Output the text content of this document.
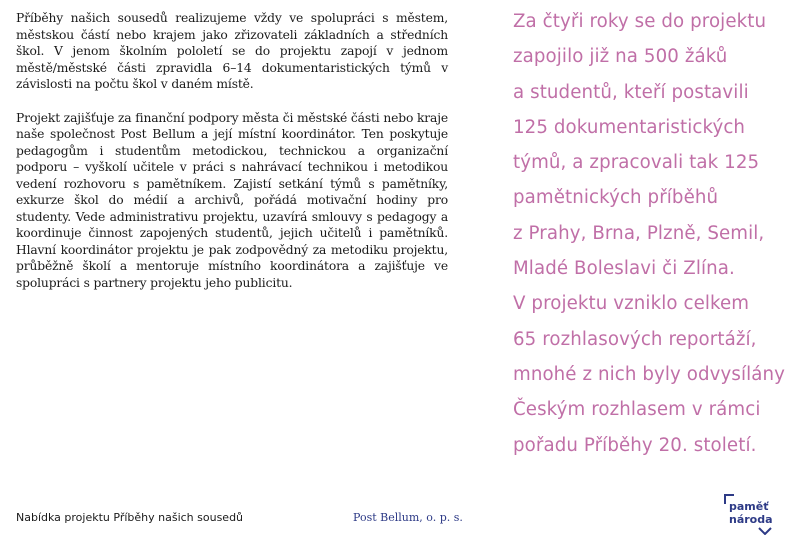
Příběhy našich sousedů realizujeme vždy ve spolupráci s městem, městskou částí nebo krajem jako zřizovateli základních a středních škol. V jenom školním pololetí se do projektu zapojí v jednom městě/městské části zpravidla 6–14 dokumentaristických týmů v závislosti na počtu škol v daném místě.

Projekt zajišťuje za finanční podpory města či městské části nebo kraje naše společnost Post Bellum a její místní koordinátor. Ten poskytuje pedagogům i studentům metodickou, technickou a organizační podporu – vyškolí učitele v práci s nahrávací technikou i metodikou vedení rozhovoru s pamětníkem. Zajistí setkání týmů s pamětníky, exkurze škol do médií a archivů, pořádá motivační hodiny pro studenty. Vede administrativu projektu, uzavírá smlouvy s pedagogy a koordinuje činnost zapojených studentů, jejich učitelů i pamětníků. Hlavní koordinátor projektu je pak zodpovědný za metodiku projektu, průběžně školí a mentoruje místního koordinátora a zajišťuje ve spolupráci s partnery projektu jeho publicitu.

Za čtyři roky se do projektu
zapojilo již na 500 žáků
a studentů, kteří postavili
125 dokumentaristických
týmů, a zpracovali tak 125
pamětnických příběhů
z Prahy, Brna, Plzně, Semil,
Mladé Boleslavi či Zlína.
V projektu vzniklo celkem
65 rozhlasových reportáží,
mnohé z nich byly odvysílány
Českým rozhlasem v rámci
pořadu Příběhy 20. století.
Nabídka projektu Příběhy našich sousedů	Post Bellum, o. p. s.
paměť
národa
